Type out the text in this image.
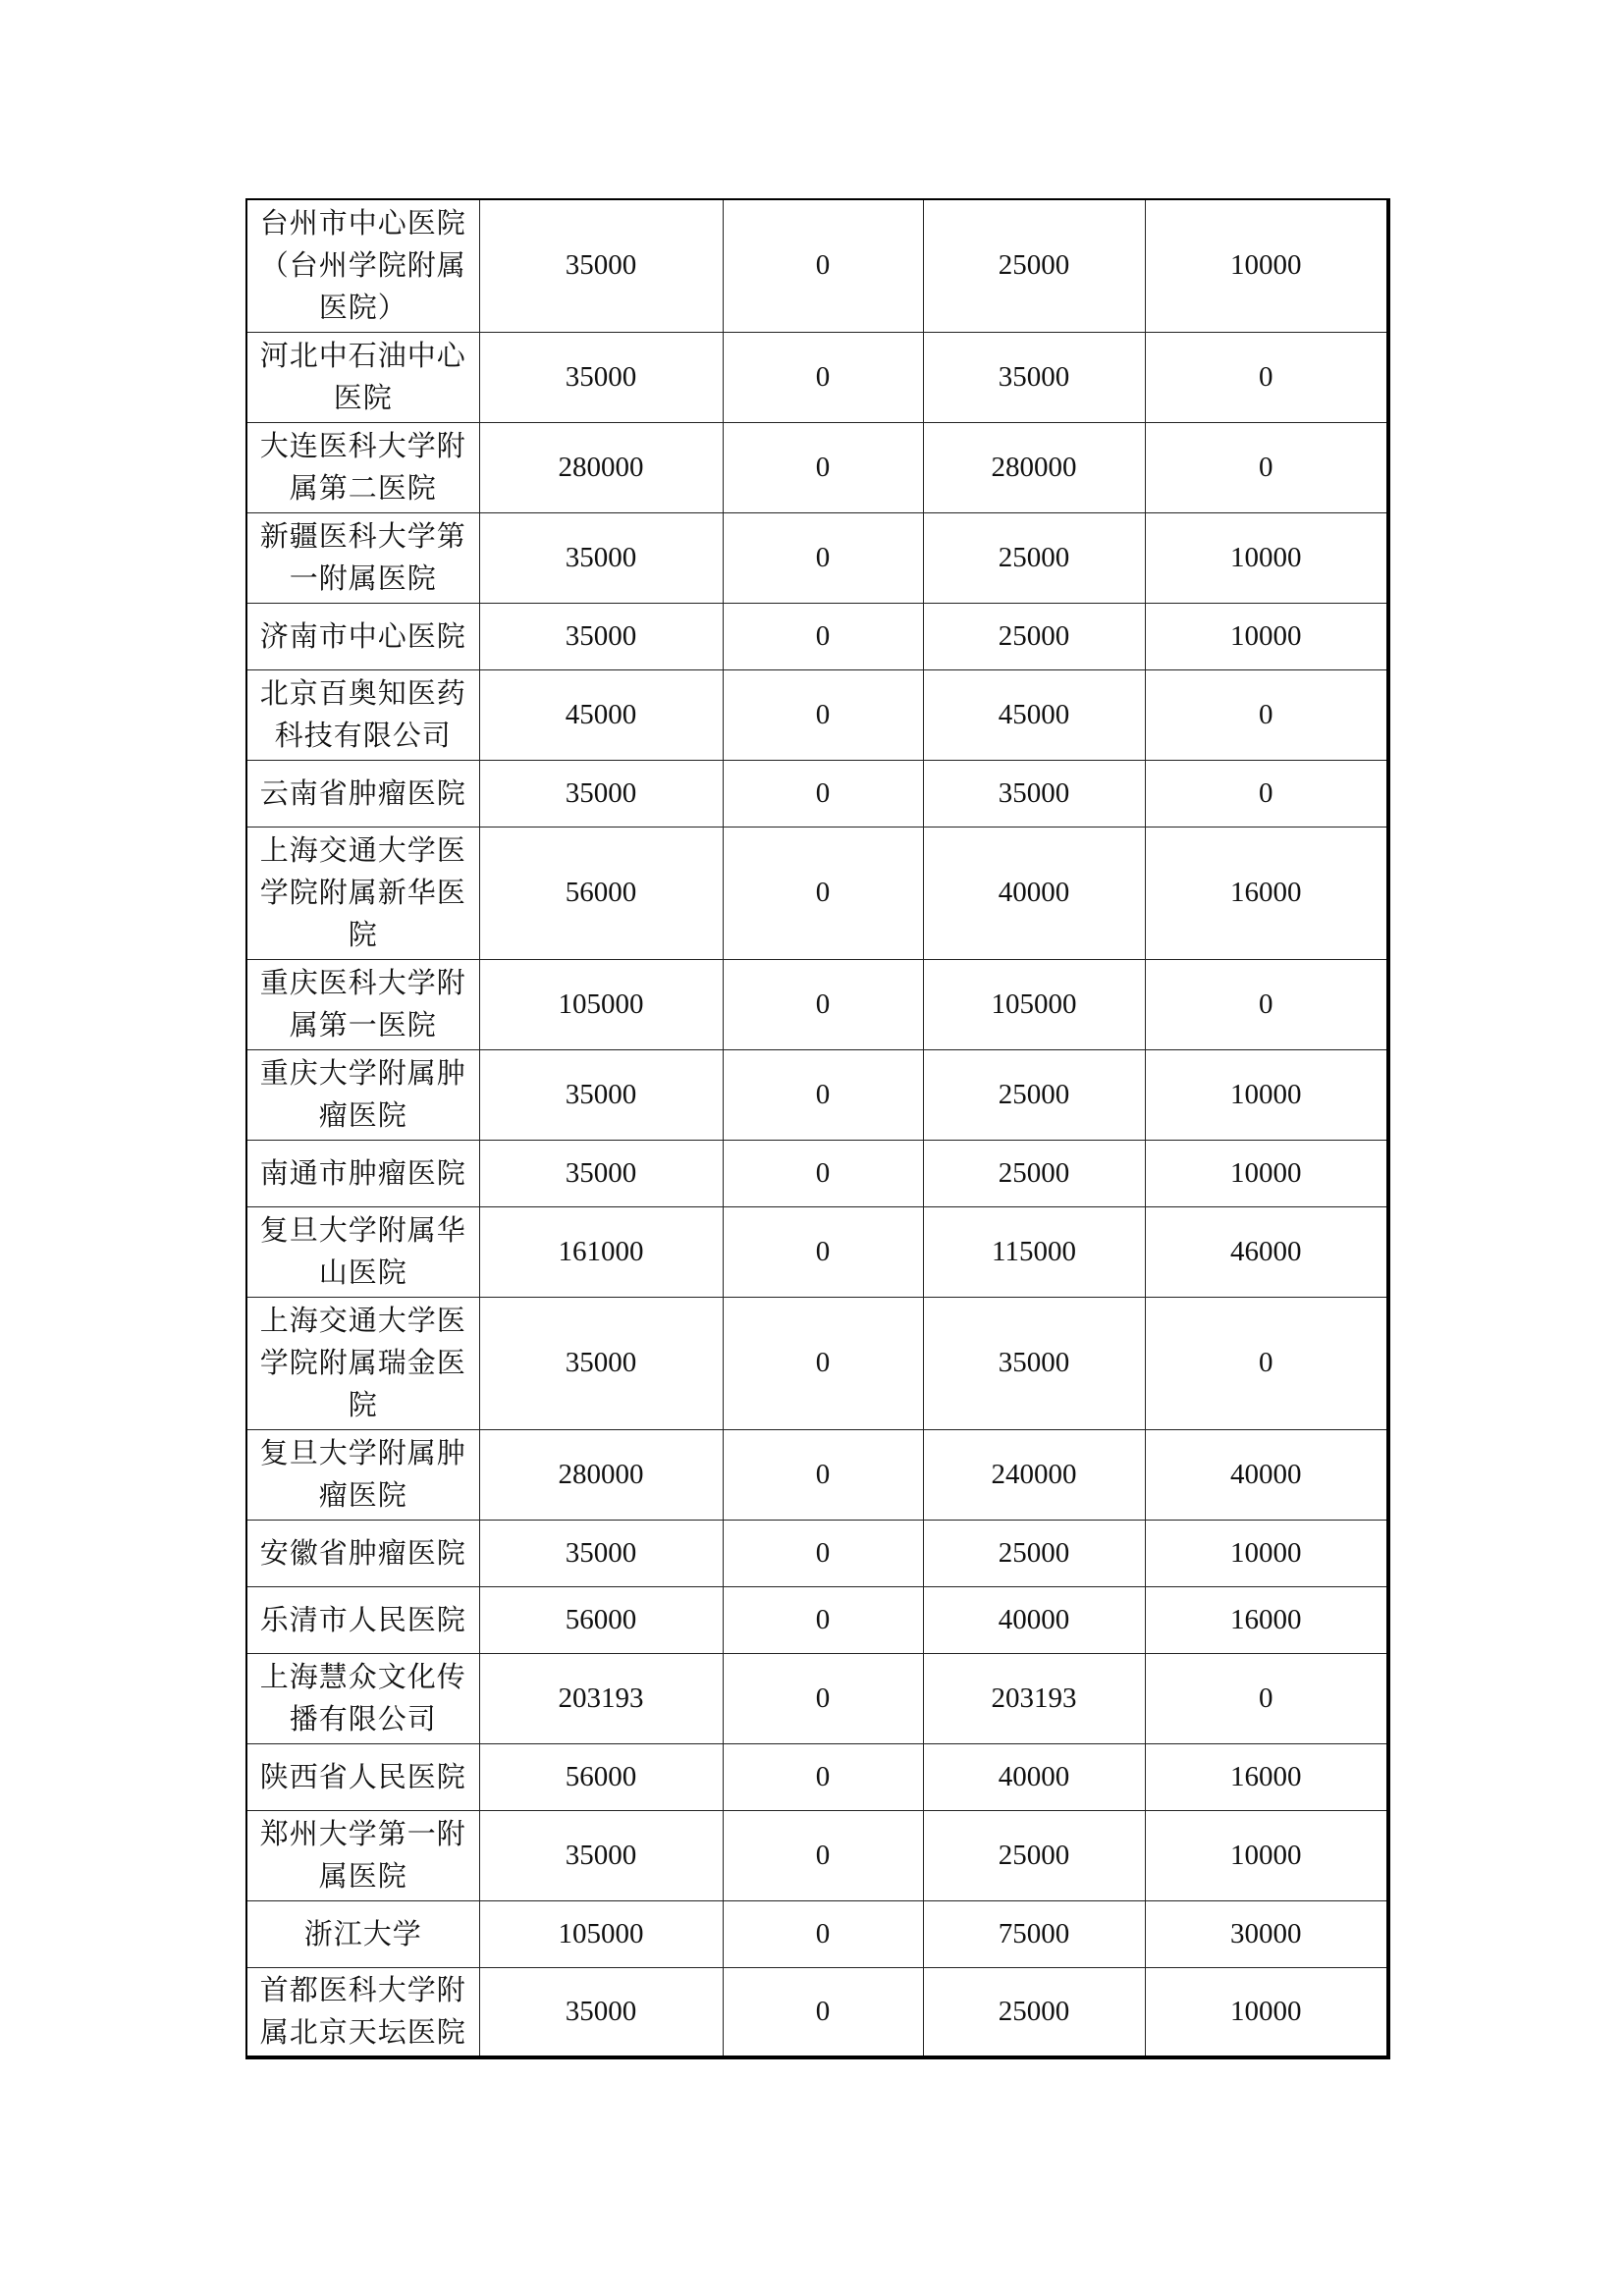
台州市中心医院（台州学院附属医院）	35000	0	25000	10000
河北中石油中心医院	35000	0	35000	0
大连医科大学附属第二医院	280000	0	280000	0
新疆医科大学第一附属医院	35000	0	25000	10000
济南市中心医院	35000	0	25000	10000
北京百奥知医药科技有限公司	45000	0	45000	0
云南省肿瘤医院	35000	0	35000	0
上海交通大学医学院附属新华医院	56000	0	40000	16000
重庆医科大学附属第一医院	105000	0	105000	0
重庆大学附属肿瘤医院	35000	0	25000	10000
南通市肿瘤医院	35000	0	25000	10000
复旦大学附属华山医院	161000	0	115000	46000
上海交通大学医学院附属瑞金医院	35000	0	35000	0
复旦大学附属肿瘤医院	280000	0	240000	40000
安徽省肿瘤医院	35000	0	25000	10000
乐清市人民医院	56000	0	40000	16000
上海慧众文化传播有限公司	203193	0	203193	0
陕西省人民医院	56000	0	40000	16000
郑州大学第一附属医院	35000	0	25000	10000
浙江大学	105000	0	75000	30000
首都医科大学附属北京天坛医院	35000	0	25000	10000
